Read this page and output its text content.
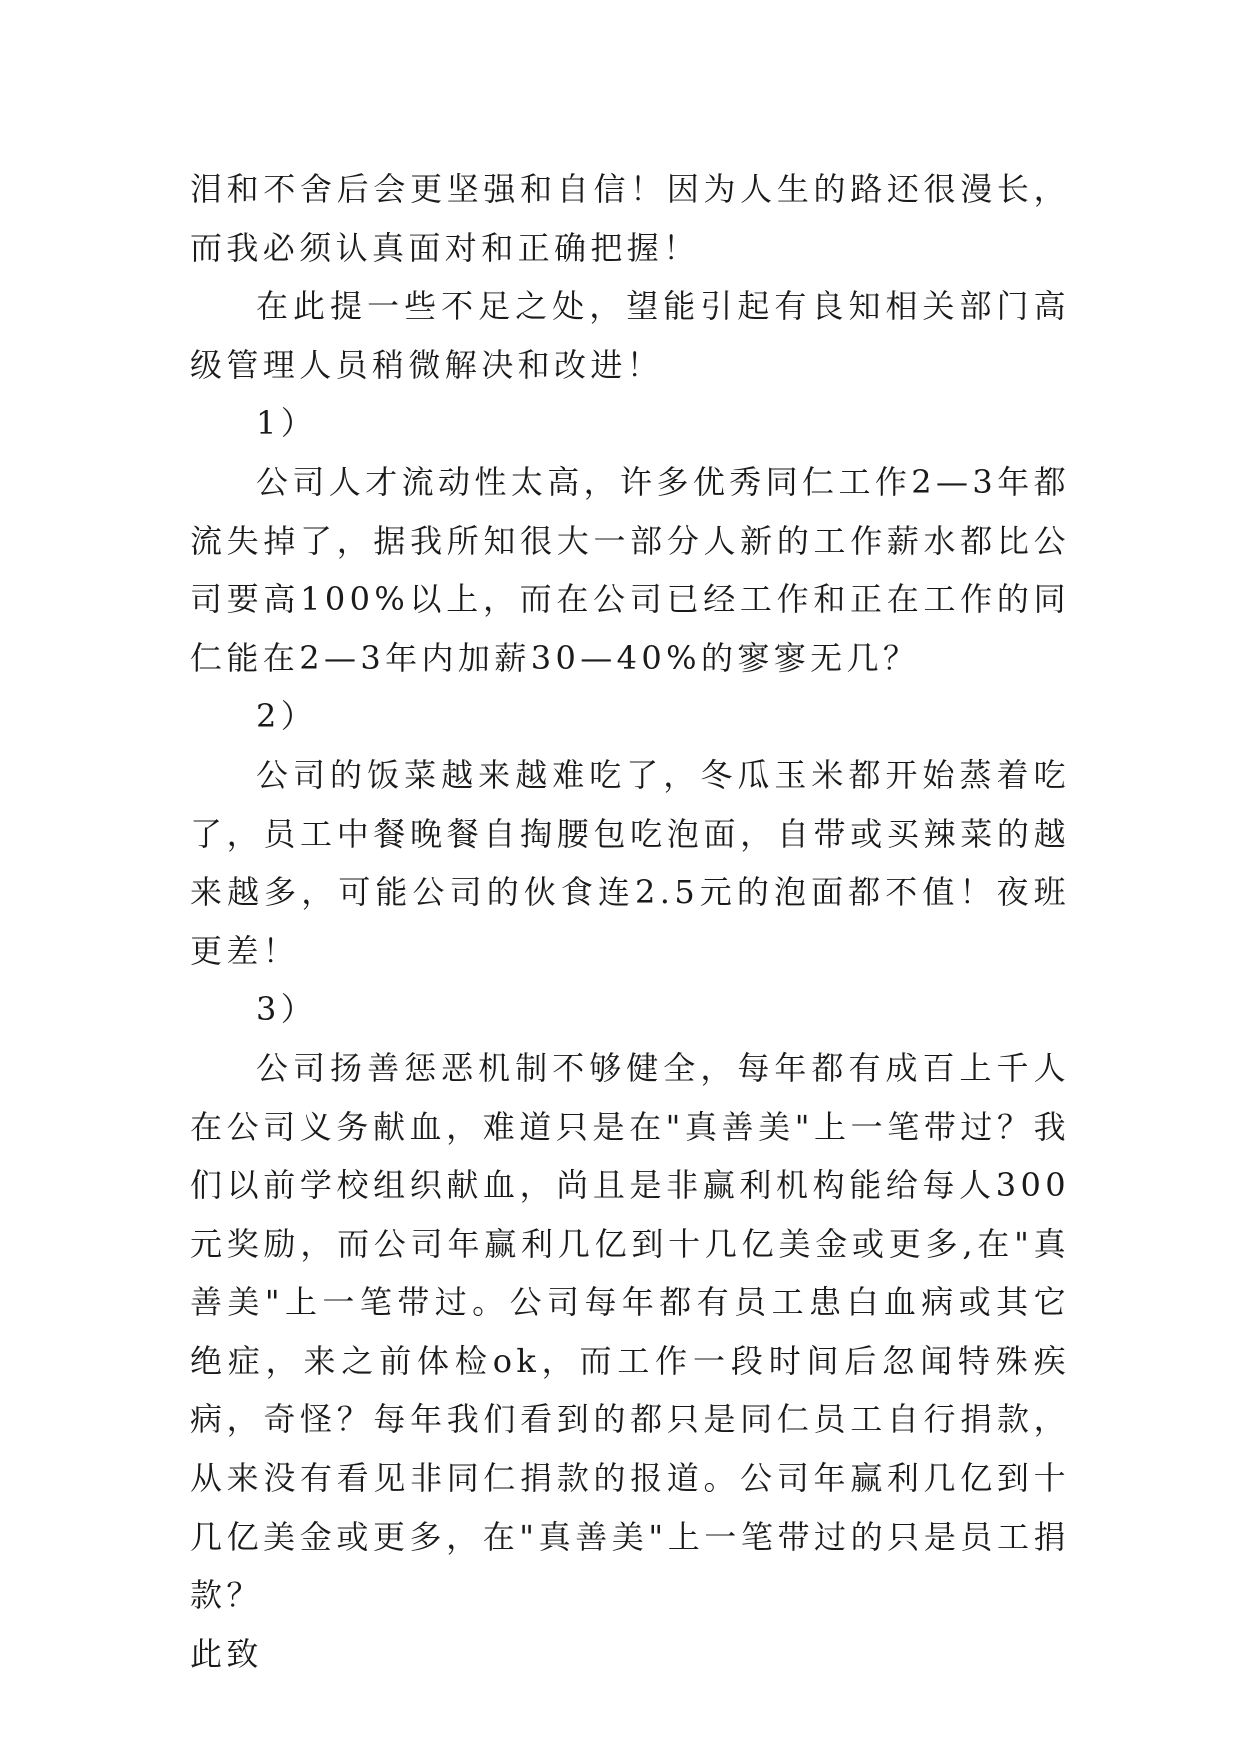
泪和不舍后会更坚强和自信！因为人生的路还很漫长，而我必须认真面对和正确把握！

在此提一些不足之处，望能引起有良知相关部门高级管理人员稍微解决和改进！

1）

公司人才流动性太高，许多优秀同仁工作2—3年都流失掉了，据我所知很大一部分人新的工作薪水都比公司要高100%以上，而在公司已经工作和正在工作的同仁能在2—3年内加薪30—40%的寥寥无几？

2）

公司的饭菜越来越难吃了，冬瓜玉米都开始蒸着吃了，员工中餐晚餐自掏腰包吃泡面，自带或买辣菜的越来越多，可能公司的伙食连2.5元的泡面都不值！夜班更差！

3）

公司扬善惩恶机制不够健全，每年都有成百上千人在公司义务献血，难道只是在"真善美"上一笔带过？我们以前学校组织献血，尚且是非赢利机构能给每人300元奖励，而公司年赢利几亿到十几亿美金或更多,在"真善美"上一笔带过。公司每年都有员工患白血病或其它绝症，来之前体检ok，而工作一段时间后忽闻特殊疾病，奇怪？每年我们看到的都只是同仁员工自行捐款，从来没有看见非同仁捐款的报道。公司年赢利几亿到十几亿美金或更多，在"真善美"上一笔带过的只是员工捐款？

此致
